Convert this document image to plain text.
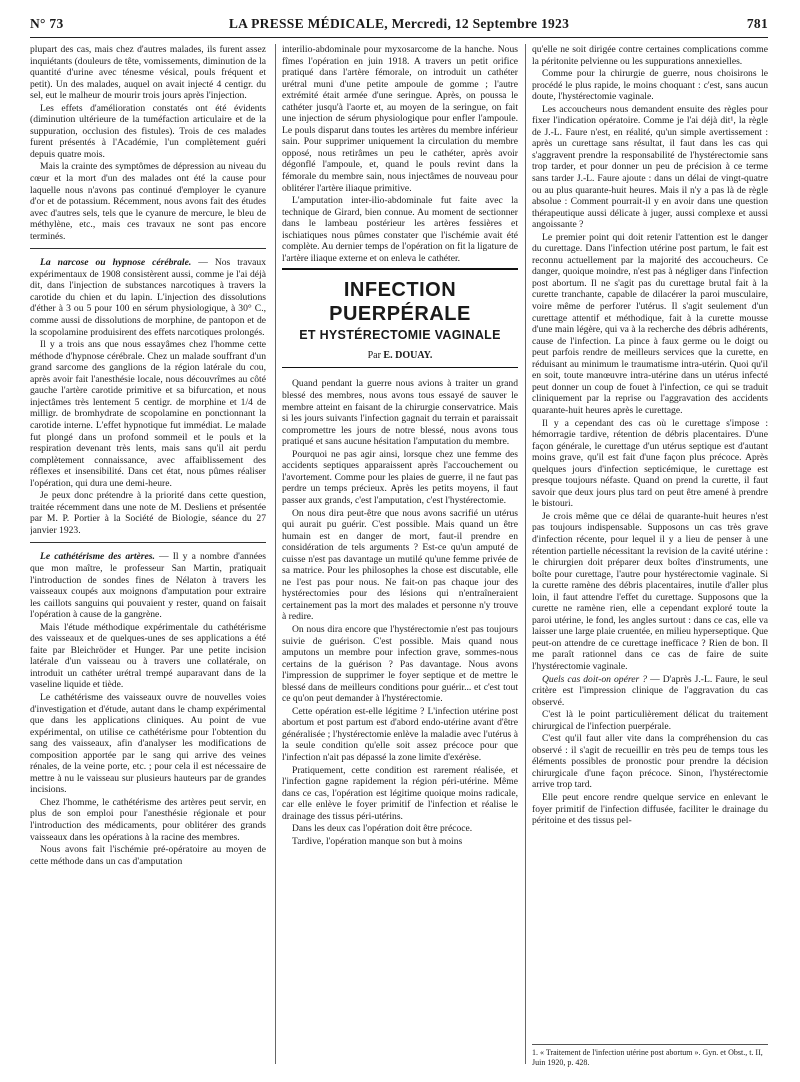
N° 73	LA PRESSE MÉDICALE, Mercredi, 12 Septembre 1923	781

plupart des cas, mais chez d'autres malades, ils furent assez inquiétants (douleurs de tête, vomissements, diminution de la quantité d'urine avec ténesme vésical, pouls fréquent et petit). Un des malades, auquel on avait injecté 4 centigr. du sel, eut le malheur de mourir trois jours après l'injection.

Les effets d'amélioration constatés ont été évidents (diminution ultérieure de la tuméfaction articulaire et de la suppuration, occlusion des fistules). Trois de ces malades furent présentés à l'Académie, l'un complètement guéri depuis quatre mois.

Mais la crainte des symptômes de dépression au niveau du cœur et la mort d'un des malades ont été la cause pour laquelle nous n'avons pas continué d'employer le cyanure d'or et de potassium. Récemment, nous avons fait des études avec d'autres sels, tels que le cyanure de mercure, le bleu de méthylène, etc., mais ces travaux ne sont pas encore terminés.

La narcose ou hypnose cérébrale. — Nos travaux expérimentaux de 1908 consistèrent aussi, comme je l'ai déjà dit, dans l'injection de substances narcotiques à travers la carotide du chien et du lapin. L'injection des dissolutions d'éther à 3 ou 5 pour 100 en sérum physiologique, à 30° C., comme aussi de dissolutions de morphine, de pantopon et de la scopolamine produisirent des effets narcotiques prolongés.

Il y a trois ans que nous essayâmes chez l'homme cette méthode d'hypnose cérébrale. Chez un malade souffrant d'un grand sarcome des ganglions de la région latérale du cou, après avoir fait l'anesthésie locale, nous découvrîmes au côté gauche l'artère carotide primitive et sa bifurcation, et nous injectâmes très lentement 5 centigr. de morphine et 1/4 de milligr. de bromhydrate de scopolamine en ponctionnant la carotide interne. L'effet hypnotique fut immédiat. Le malade fut plongé dans un profond sommeil et le pouls et la respiration devenant très lents, mais sans qu'il ait perdu complètement connaissance, avec affaiblissement des réflexes et insensibilité. Dans cet état, nous pûmes réaliser l'opération, qui dura une demi-heure.

Je peux donc prétendre à la priorité dans cette question, traitée récemment dans une note de M. Desliens et présentée par M. P. Portier à la Société de Biologie, séance du 27 janvier 1923.

Le cathétérisme des artères. — Il y a nombre d'années que mon maître, le professeur San Martin, pratiquait l'introduction de sondes fines de Nélaton à travers les vaisseaux coupés aux moignons d'amputation pour extraire les caillots sanguins qui pouvaient y rester, quand on faisait l'opération à cause de la gangrène.

Mais l'étude méthodique expérimentale du cathétérisme des vaisseaux et de quelques-unes de ses applications a été faite par Bleichröder et Hunger. Par une petite incision latérale d'un vaisseau ou à travers une collatérale, on introduit un cathéter urétral trempé auparavant dans de la vaseline liquide et tiède.

Le cathétérisme des vaisseaux ouvre de nouvelles voies d'investigation et d'étude, autant dans le champ expérimental que dans les applications cliniques. Au point de vue expérimental, on utilise ce cathétérisme pour l'obtention du sang des vaisseaux, afin d'analyser les modifications de composition apportée par le sang qui arrive des veines rénales, de la veine porte, etc. ; pour cela il est nécessaire de mettre à nu le vaisseau sur plusieurs hauteurs par de grandes incisions.

Chez l'homme, le cathétérisme des artères peut servir, en plus de son emploi pour l'anesthésie régionale et pour l'introduction des médicaments, pour oblitérer des grands vaisseaux dans les opérations à la racine des membres.

Nous avons fait l'ischémie pré-opératoire au moyen de cette méthode dans un cas d'amputation

interilio-abdominale pour myxosarcome de la hanche. Nous fîmes l'opération en juin 1918. A travers un petit orifice pratiqué dans l'artère fémorale, on introduit un cathéter urétral muni d'une petite ampoule de gomme ; l'autre extrémité était armée d'une seringue. Après, on poussa le cathéter jusqu'à l'aorte et, au moyen de la seringue, on fait une injection de sérum physiologique pour enfler l'ampoule. Le pouls disparut dans toutes les artères du membre inférieur sain. Pour supprimer uniquement la circulation du membre opposé, nous retirâmes un peu le cathéter, après avoir dégonflé l'ampoule, et, quand le pouls revint dans la fémorale du membre sain, nous injectâmes de nouveau pour oblitérer l'artère iliaque primitive.

L'amputation inter-ilio-abdominale fut faite avec la technique de Girard, bien connue. Au moment de sectionner dans le lambeau postérieur les artères fessières et ischiatiques nous pûmes constater que l'ischémie avait été complète. Au dernier temps de l'opération on fit la ligature de l'artère iliaque externe et on enleva le cathéter.

INFECTION PUERPÉRALE
ET HYSTÉRECTOMIE VAGINALE
Par E. DOUAY.

Quand pendant la guerre nous avions à traiter un grand blessé des membres, nous avons tous essayé de sauver le membre atteint en faisant de la chirurgie conservatrice. Mais si les jours suivants l'infection gagnait du terrain et paraissait compromettre les jours de notre blessé, nous avons tous pratiqué et sans aucune hésitation l'amputation du membre.

Pourquoi ne pas agir ainsi, lorsque chez une femme des accidents septiques apparaissent après l'accouchement ou l'avortement. Comme pour les plaies de guerre, il ne faut pas perdre un temps précieux. Après les petits moyens, il faut passer aux grands, c'est l'amputation, c'est l'hystérectomie.

On nous dira peut-être que nous avons sacrifié un utérus qui aurait pu guérir. C'est possible. Mais quand un être humain est en danger de mort, faut-il prendre en considération de tels arguments ? Est-ce qu'un amputé de cuisse n'est pas davantage un mutilé qu'une femme privée de sa matrice. Pour les philosophes la chose est discutable, elle ne l'est pas pour nous. Ne fait-on pas chaque jour des hystérectomies pour des lésions qui n'entraîneraient certainement pas la mort des malades et personne n'y trouve à redire.

On nous dira encore que l'hystérectomie n'est pas toujours suivie de guérison. C'est possible. Mais quand nous amputons un membre pour infection grave, sommes-nous certains de la guérison ? Pas davantage. Nous avons l'impression de supprimer le foyer septique et de mettre le blessé dans de meilleurs conditions pour guérir... et c'est tout ce qu'on peut demander à l'hystérectomie.

Cette opération est-elle légitime ? L'infection utérine post abortum et post partum est d'abord endo-utérine avant d'être généralisée ; l'hystérectomie enlève la maladie avec l'utérus à la seule condition qu'elle soit assez précoce pour que l'infection n'ait pas dépassé la zone limite d'exérèse.

Pratiquement, cette condition est rarement réalisée, et l'infection gagne rapidement la région péri-utérine. Même dans ce cas, l'opération est légitime quoique moins radicale, car elle enlève le foyer primitif de l'infection et réalise le drainage des tissus péri-utérins.

Dans les deux cas l'opération doit être précoce.

Tardive, l'opération manque son but à moins

qu'elle ne soit dirigée contre certaines complications comme la péritonite pelvienne ou les suppurations annexielles.

Comme pour la chirurgie de guerre, nous choisirons le procédé le plus rapide, le moins choquant : c'est, sans aucun doute, l'hystérectomie vaginale.

Les accoucheurs nous demandent ensuite des règles pour fixer l'indication opératoire. Comme je l'ai déjà dit¹, la règle de J.-L. Faure n'est, en réalité, qu'un simple avertissement : après un curettage sans résultat, il faut dans les cas qui s'aggravent prendre la responsabilité de l'hystérectomie sans trop tarder, et pour donner un peu de précision à ce terme sans tarder J.-L. Faure ajoute : dans un délai de vingt-quatre ou au plus quarante-huit heures. Mais il n'y a pas là de règle absolue : Comment pourrait-il y en avoir dans une question thérapeutique aussi délicate à juger, aussi complexe et aussi angoissante ?

Le premier point qui doit retenir l'attention est le danger du curettage. Dans l'infection utérine post partum, le fait est reconnu actuellement par la majorité des accoucheurs. Ce danger, quoique moindre, n'est pas à négliger dans l'infection post abortum. Il ne s'agit pas du curettage brutal fait à la curette tranchante, capable de dilacérer la paroi musculaire, voire même de perforer l'utérus. Il s'agit seulement d'un curettage attentif et méthodique, fait à la curette mousse d'une main légère, qui va à la recherche des débris adhérents, cause de l'infection. La pince à faux germe ou le doigt ou peut parfois rendre de meilleurs services que la curette, en réduisant au minimum le traumatisme intra-utérin. Quoi qu'il en soit, toute manœuvre intra-utérine dans un utérus infecté peut donner un coup de fouet à l'infection, ce qui se traduit cliniquement par la reprise ou l'aggravation des accidents quarante-huit heures après le curettage.

Il y a cependant des cas où le curettage s'impose : hémorragie tardive, rétention de débris placentaires. D'une façon générale, le curettage d'un utérus septique est d'autant moins grave, qu'il est fait d'une façon plus précoce. Après quelques jours d'infection septicémique, le curettage est presque toujours néfaste. Quand on prend la curette, il faut savoir que deux jours plus tard on peut être amené à prendre le bistouri.

Je crois même que ce délai de quarante-huit heures n'est pas toujours indispensable. Supposons un cas très grave d'infection récente, pour lequel il y a lieu de penser à une rétention partielle nécessitant la revision de la cavité utérine : le chirurgien doit préparer deux boîtes d'instruments, une boîte pour curettage, l'autre pour hystérectomie vaginale. Si la curette ramène des débris placentaires, inutile d'aller plus loin, il faut attendre l'effet du curettage. Supposons que la curette ne ramène rien, elle a cependant exploré toute la paroi utérine, le fond, les angles surtout : dans ce cas, elle va laisser une large plaie cruentée, en milieu hyperseptique. Que peut-on attendre de ce curettage inefficace ? Rien de bon. Il me paraît rationnel dans ce cas de faire de suite l'hystérectomie vaginale.

Quels cas doit-on opérer ? — D'après J.-L. Faure, le seul critère est l'impression clinique de l'aggravation du cas observé.

C'est là le point particulièrement délicat du traitement chirurgical de l'infection puerpérale.

C'est qu'il faut aller vite dans la compréhension du cas observé : il s'agit de recueillir en très peu de temps tous les éléments possibles de pronostic pour prendre la décision chirurgicale d'une façon précoce. Sinon, l'hystérectomie arrive trop tard.

Elle peut encore rendre quelque service en enlevant le foyer primitif de l'infection diffusée, faciliter le drainage du péritoine et des tissus pel-

1. « Traitement de l'infection utérine post abortum ». Gyn. et Obst., t. II, Juin 1920, p. 428.
